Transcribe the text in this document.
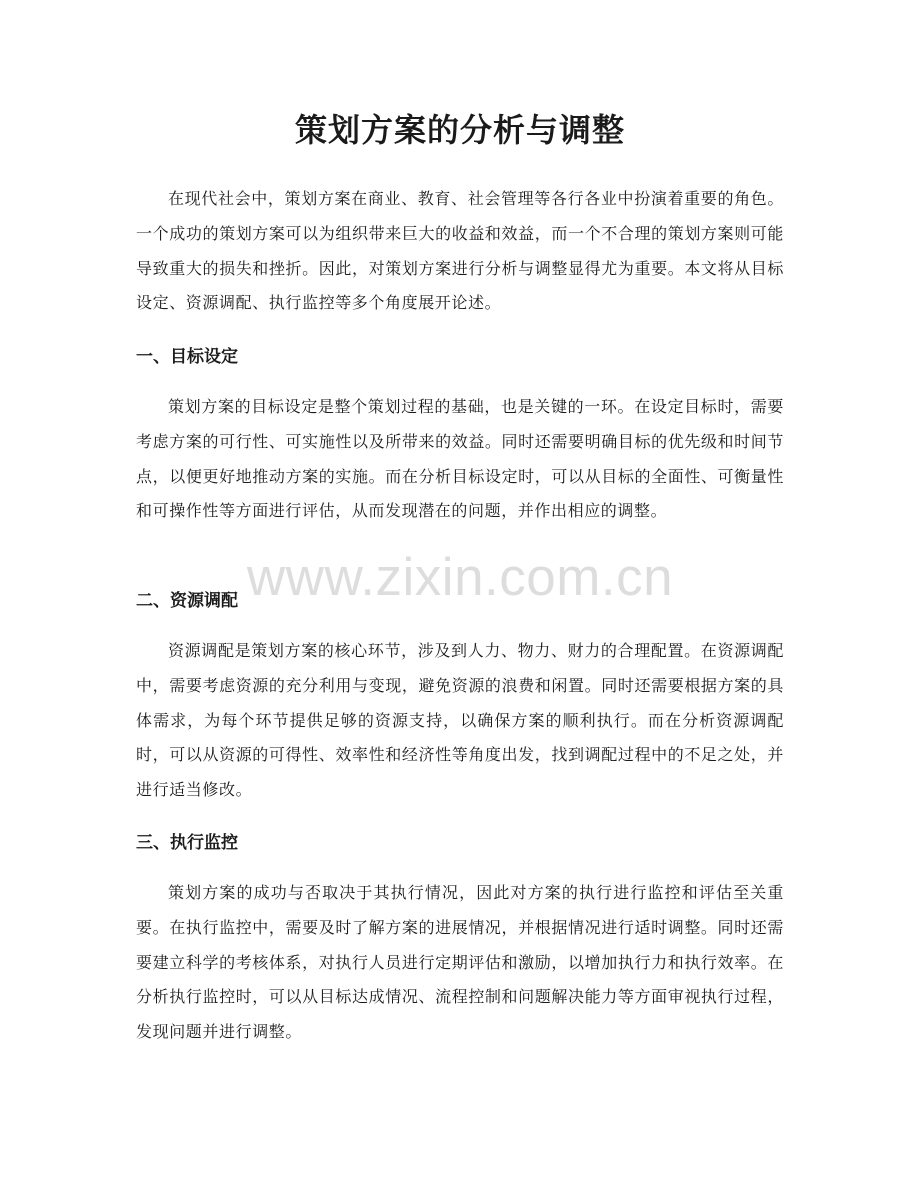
策划方案的分析与调整

在现代社会中，策划方案在商业、教育、社会管理等各行各业中扮演着重要的角色。一个成功的策划方案可以为组织带来巨大的收益和效益，而一个不合理的策划方案则可能导致重大的损失和挫折。因此，对策划方案进行分析与调整显得尤为重要。本文将从目标设定、资源调配、执行监控等多个角度展开论述。

一、目标设定

策划方案的目标设定是整个策划过程的基础，也是关键的一环。在设定目标时，需要考虑方案的可行性、可实施性以及所带来的效益。同时还需要明确目标的优先级和时间节点，以便更好地推动方案的实施。而在分析目标设定时，可以从目标的全面性、可衡量性和可操作性等方面进行评估，从而发现潜在的问题，并作出相应的调整。

二、资源调配

资源调配是策划方案的核心环节，涉及到人力、物力、财力的合理配置。在资源调配中，需要考虑资源的充分利用与变现，避免资源的浪费和闲置。同时还需要根据方案的具体需求，为每个环节提供足够的资源支持，以确保方案的顺利执行。而在分析资源调配时，可以从资源的可得性、效率性和经济性等角度出发，找到调配过程中的不足之处，并进行适当修改。

三、执行监控

策划方案的成功与否取决于其执行情况，因此对方案的执行进行监控和评估至关重要。在执行监控中，需要及时了解方案的进展情况，并根据情况进行适时调整。同时还需要建立科学的考核体系，对执行人员进行定期评估和激励，以增加执行力和执行效率。在分析执行监控时，可以从目标达成情况、流程控制和问题解决能力等方面审视执行过程，发现问题并进行调整。

www.zixin.com.cn
